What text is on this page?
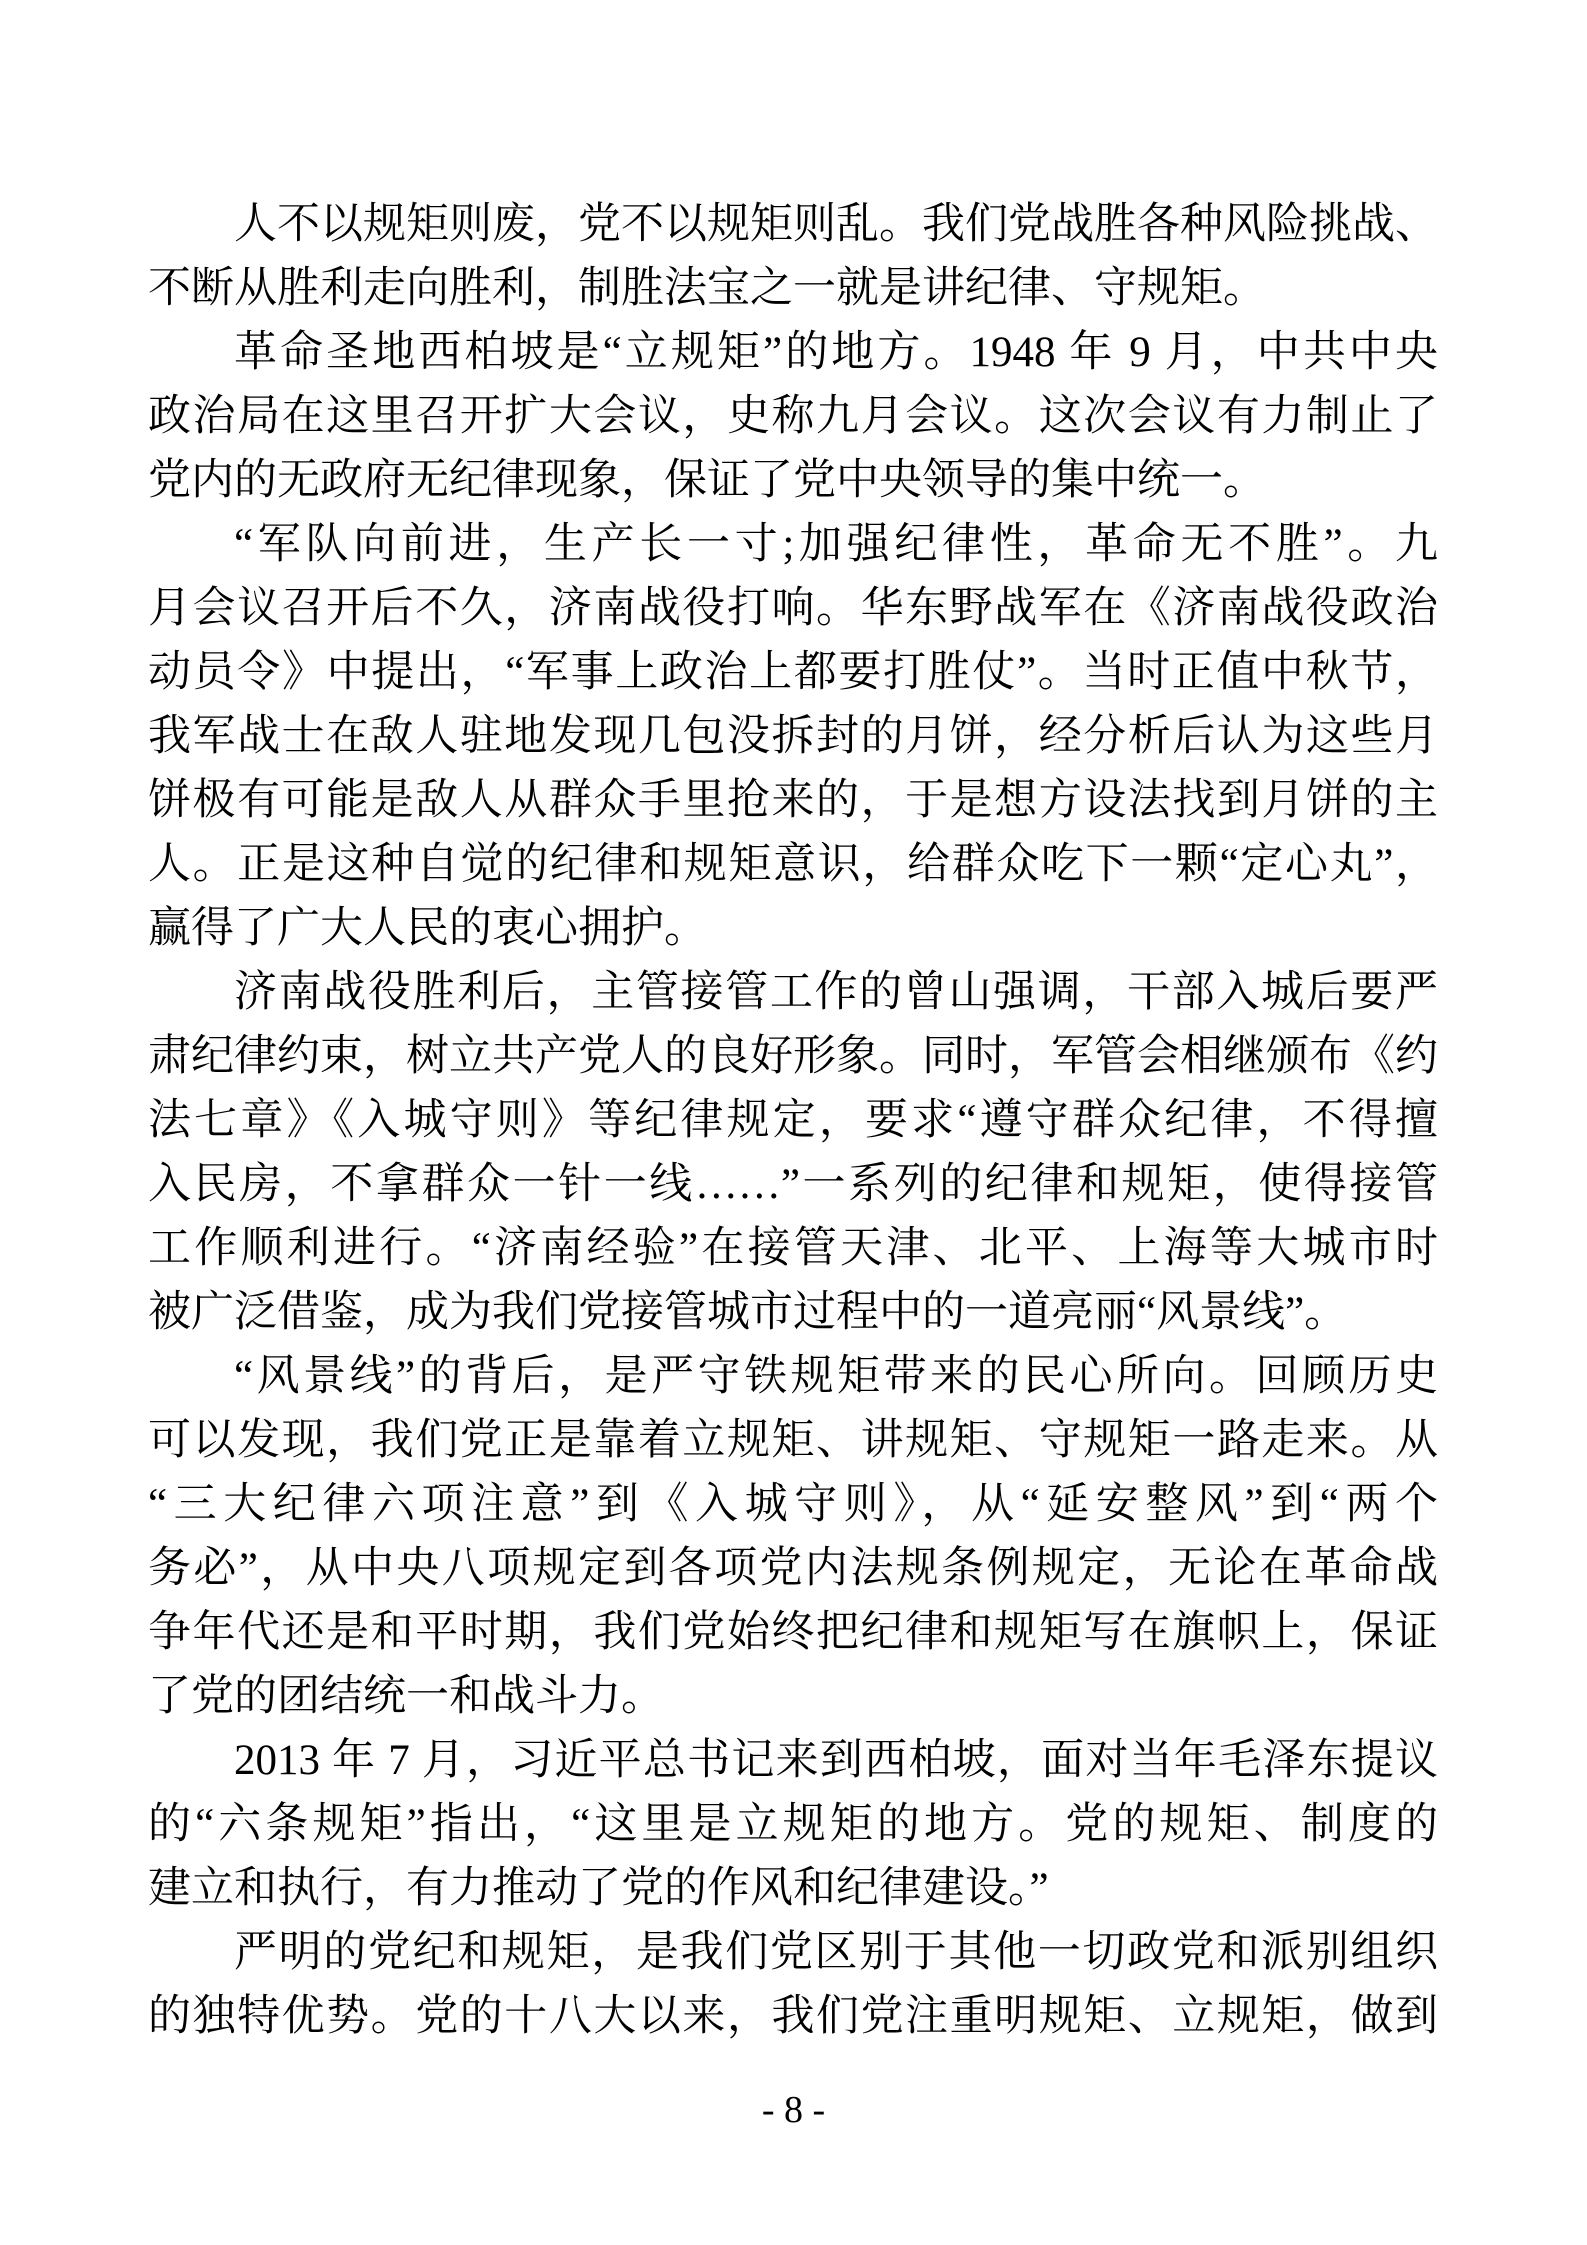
人不以规矩则废，党不以规矩则乱。我们党战胜各种风险挑战、
不断从胜利走向胜利，制胜法宝之一就是讲纪律、守规矩。
革命圣地西柏坡是“立规矩”的地方。1948 年 9 月，中共中央
政治局在这里召开扩大会议，史称九月会议。这次会议有力制止了
党内的无政府无纪律现象，保证了党中央领导的集中统一。
“军队向前进，生产长一寸;加强纪律性，革命无不胜”。九
月会议召开后不久，济南战役打响。华东野战军在《济南战役政治
动员令》中提出，“军事上政治上都要打胜仗”。当时正值中秋节，
我军战士在敌人驻地发现几包没拆封的月饼，经分析后认为这些月
饼极有可能是敌人从群众手里抢来的，于是想方设法找到月饼的主
人。正是这种自觉的纪律和规矩意识，给群众吃下一颗“定心丸”，
赢得了广大人民的衷心拥护。
济南战役胜利后，主管接管工作的曾山强调，干部入城后要严
肃纪律约束，树立共产党人的良好形象。同时，军管会相继颁布《约
法七章》《入城守则》等纪律规定，要求“遵守群众纪律，不得擅
入民房，不拿群众一针一线……”一系列的纪律和规矩，使得接管
工作顺利进行。“济南经验”在接管天津、北平、上海等大城市时
被广泛借鉴，成为我们党接管城市过程中的一道亮丽“风景线”。
“风景线”的背后，是严守铁规矩带来的民心所向。回顾历史
可以发现，我们党正是靠着立规矩、讲规矩、守规矩一路走来。从
“三大纪律六项注意”到《入城守则》，从“延安整风”到“两个
务必”，从中央八项规定到各项党内法规条例规定，无论在革命战
争年代还是和平时期，我们党始终把纪律和规矩写在旗帜上，保证
了党的团结统一和战斗力。
2013 年 7 月，习近平总书记来到西柏坡，面对当年毛泽东提议
的“六条规矩”指出，“这里是立规矩的地方。党的规矩、制度的
建立和执行，有力推动了党的作风和纪律建设。”
严明的党纪和规矩，是我们党区别于其他一切政党和派别组织
的独特优势。党的十八大以来，我们党注重明规矩、立规矩，做到
- 8 -
